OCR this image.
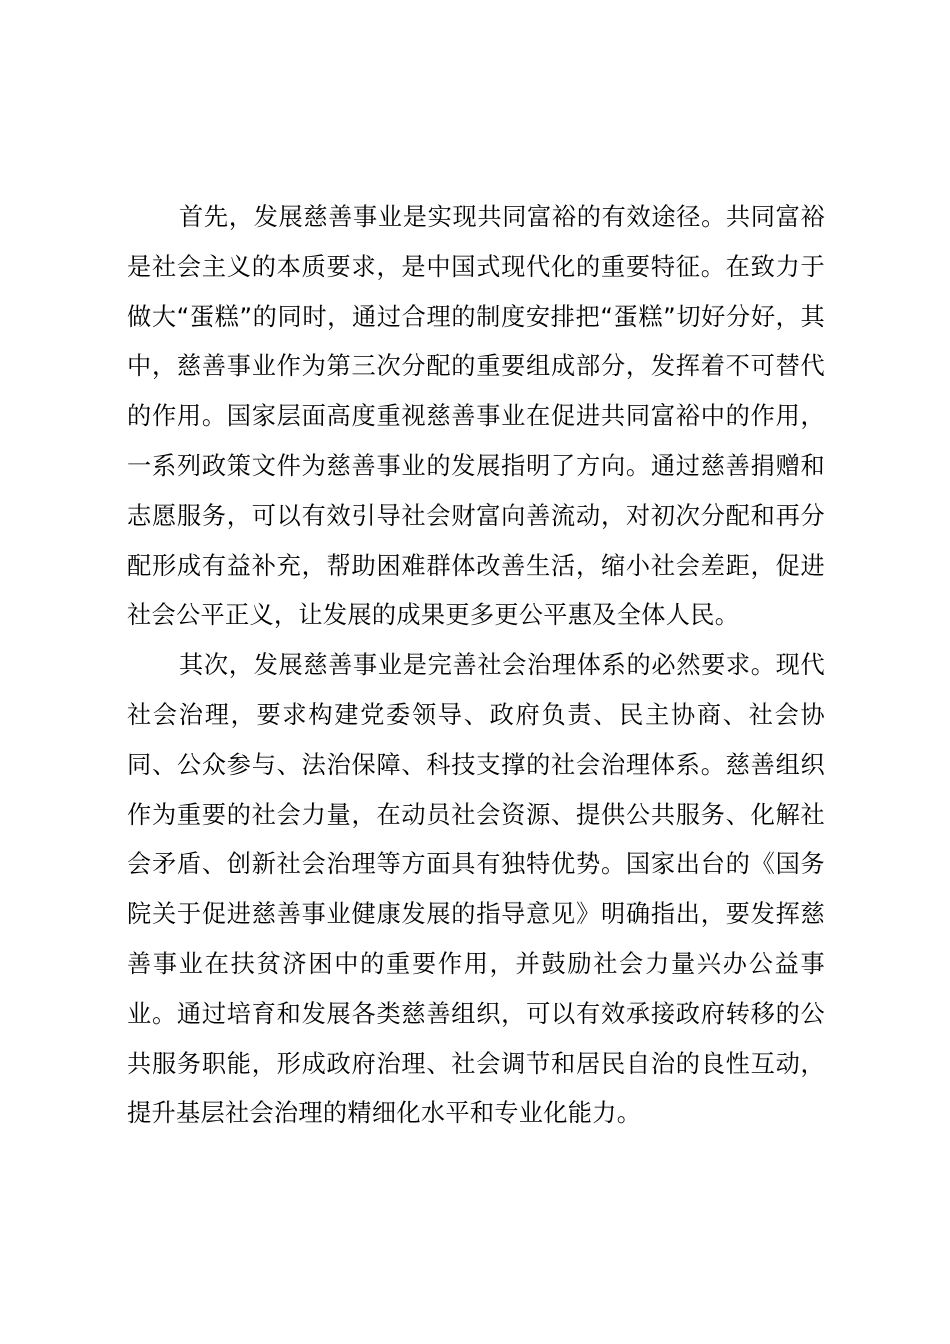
首先，发展慈善事业是实现共同富裕的有效途径。共同富裕是社会主义的本质要求，是中国式现代化的重要特征。在致力于做大“蛋糕”的同时，通过合理的制度安排把“蛋糕”切好分好，其中，慈善事业作为第三次分配的重要组成部分，发挥着不可替代的作用。国家层面高度重视慈善事业在促进共同富裕中的作用，一系列政策文件为慈善事业的发展指明了方向。通过慈善捐赠和志愿服务，可以有效引导社会财富向善流动，对初次分配和再分配形成有益补充，帮助困难群体改善生活，缩小社会差距，促进社会公平正义，让发展的成果更多更公平惠及全体人民。

其次，发展慈善事业是完善社会治理体系的必然要求。现代社会治理，要求构建党委领导、政府负责、民主协商、社会协同、公众参与、法治保障、科技支撑的社会治理体系。慈善组织作为重要的社会力量，在动员社会资源、提供公共服务、化解社会矛盾、创新社会治理等方面具有独特优势。国家出台的《国务院关于促进慈善事业健康发展的指导意见》明确指出，要发挥慈善事业在扶贫济困中的重要作用，并鼓励社会力量兴办公益事业。通过培育和发展各类慈善组织，可以有效承接政府转移的公共服务职能，形成政府治理、社会调节和居民自治的良性互动，提升基层社会治理的精细化水平和专业化能力。
